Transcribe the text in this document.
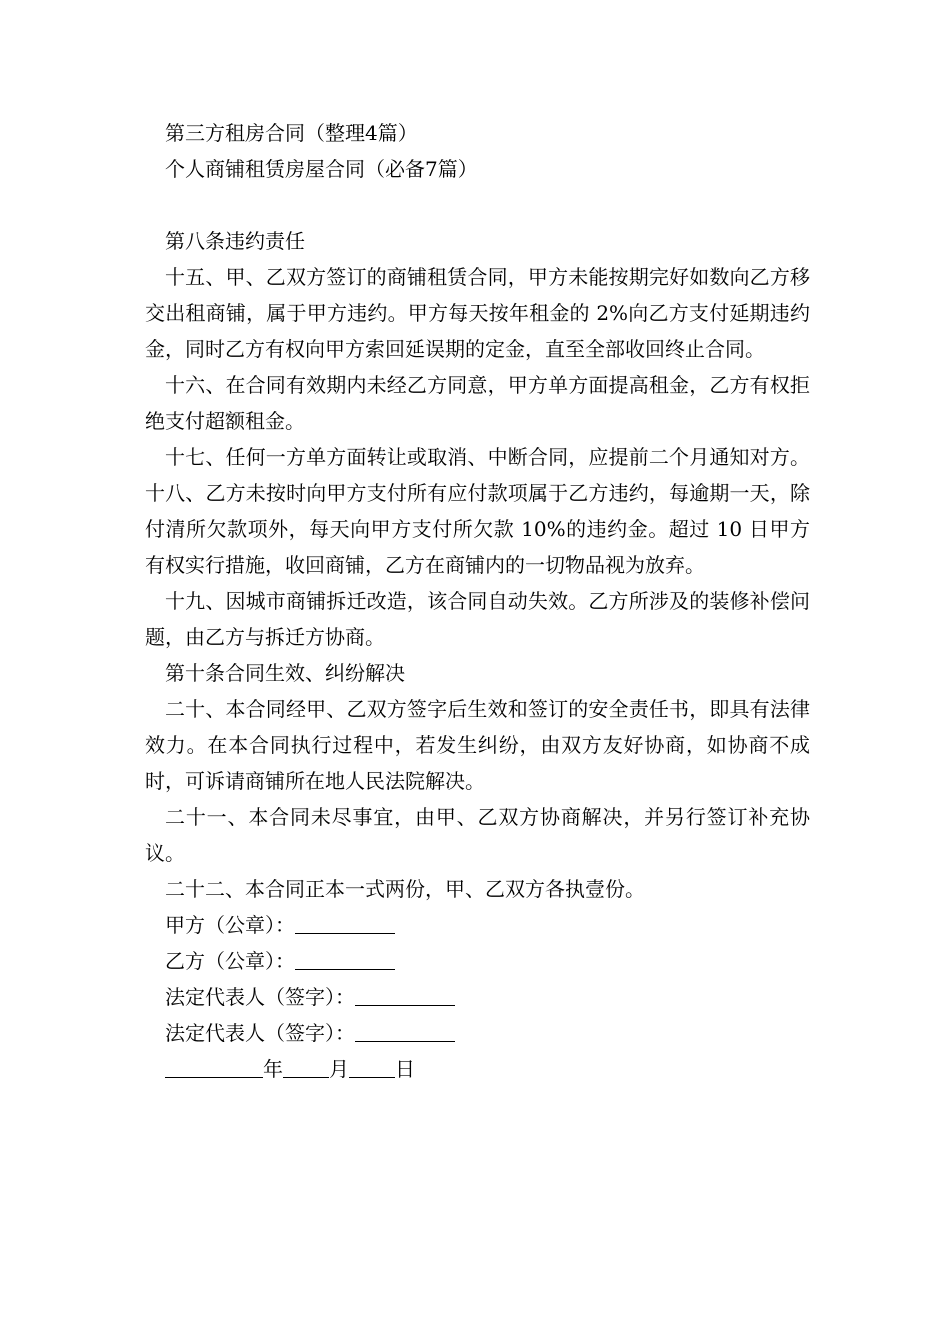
第三方租房合同（整理4篇）
个人商铺租赁房屋合同（必备7篇）
第八条违约责任

十五、甲、乙双方签订的商铺租赁合同，甲方未能按期完好如数向乙方移交出租商铺，属于甲方违约。甲方每天按年租金的 2%向乙方支付延期违约金，同时乙方有权向甲方索回延误期的定金，直至全部收回终止合同。

十六、在合同有效期内未经乙方同意，甲方单方面提高租金，乙方有权拒绝支付超额租金。

十七、任何一方单方面转让或取消、中断合同，应提前二个月通知对方。十八、乙方未按时向甲方支付所有应付款项属于乙方违约，每逾期一天，除付清所欠款项外，每天向甲方支付所欠款 10%的违约金。超过 10 日甲方有权实行措施，收回商铺，乙方在商铺内的一切物品视为放弃。

十九、因城市商铺拆迁改造，该合同自动失效。乙方所涉及的装修补偿问题，由乙方与拆迁方协商。

第十条合同生效、纠纷解决

二十、本合同经甲、乙双方签字后生效和签订的安全责任书，即具有法律效力。在本合同执行过程中，若发生纠纷，由双方友好协商，如协商不成时，可诉请商铺所在地人民法院解决。

二十一、本合同未尽事宜，由甲、乙双方协商解决，并另行签订补充协议。

二十二、本合同正本一式两份，甲、乙双方各执壹份。
甲方（公章）：
乙方（公章）：
法定代表人（签字）：
法定代表人（签字）：
年 月 日
